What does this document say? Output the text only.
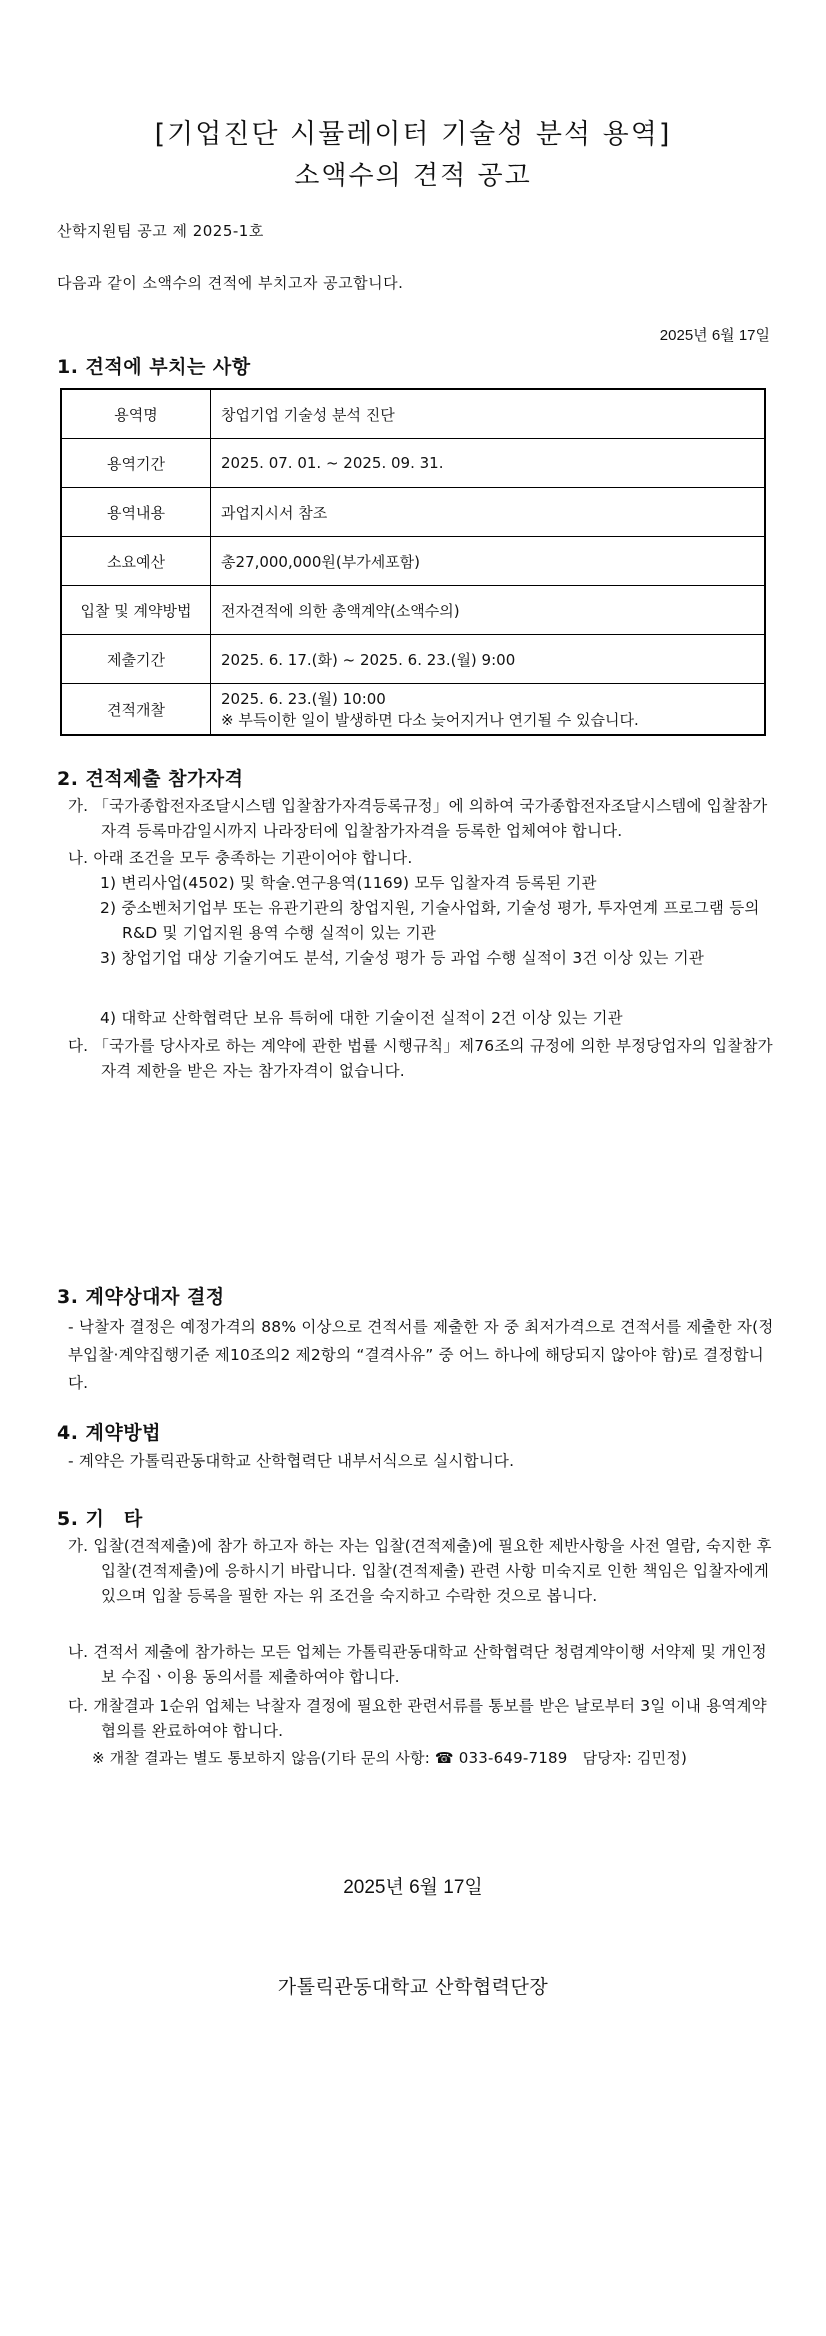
[기업진단 시뮬레이터 기술성 분석 용역]
소액수의 견적 공고
산학지원팀 공고 제 2025-1호
다음과 같이 소액수의 견적에 부치고자 공고합니다.
2025년 6월 17일
1. 견적에 부치는 사항
용역명	창업기업 기술성 분석 진단
용역기간	2025. 07. 01. ~ 2025. 09. 31.
용역내용	과업지시서 참조
소요예산	총27,000,000원(부가세포함)
입찰 및 계약방법	전자견적에 의한 총액계약(소액수의)
제출기간	2025. 6. 17.(화) ~ 2025. 6. 23.(월) 9:00
견적개찰	2025. 6. 23.(월) 10:00
※ 부득이한 일이 발생하면 다소 늦어지거나 연기될 수 있습니다.
2. 견적제출 참가자격
가. 「국가종합전자조달시스템 입찰참가자격등록규정」에 의하여 국가종합전자조달시스템에 입찰참가자격 등록마감일시까지 나라장터에 입찰참가자격을 등록한 업체여야 합니다.
나. 아래 조건을 모두 충족하는 기관이어야 합니다.
1) 변리사업(4502) 및 학술.연구용역(1169) 모두 입찰자격 등록된 기관
2) 중소벤처기업부 또는 유관기관의 창업지원, 기술사업화, 기술성 평가, 투자연계 프로그램 등의 R&D 및 기업지원 용역 수행 실적이 있는 기관
3) 창업기업 대상 기술기여도 분석, 기술성 평가 등 과업 수행 실적이 3건 이상 있는 기관
4) 대학교 산학협력단 보유 특허에 대한 기술이전 실적이 2건 이상 있는 기관
다. 「국가를 당사자로 하는 계약에 관한 법률 시행규칙」제76조의 규정에 의한 부정당업자의 입찰참가자격 제한을 받은 자는 참가자격이 없습니다.
3. 계약상대자 결정
- 낙찰자 결정은 예정가격의 88% 이상으로 견적서를 제출한 자 중 최저가격으로 견적서를 제출한 자(정부입찰·계약집행기준 제10조의2 제2항의 “결격사유” 중 어느 하나에 해당되지 않아야 함)로 결정합니다.
4. 계약방법
- 계약은 가톨릭관동대학교 산학협력단 내부서식으로 실시합니다.
5. 기　타
가. 입찰(견적제출)에 참가 하고자 하는 자는 입찰(견적제출)에 필요한 제반사항을 사전 열람, 숙지한 후 입찰(견적제출)에 응하시기 바랍니다. 입찰(견적제출) 관련 사항 미숙지로 인한 책임은 입찰자에게 있으며 입찰 등록을 필한 자는 위 조건을 숙지하고 수락한 것으로 봅니다.
나. 견적서 제출에 참가하는 모든 업체는 가톨릭관동대학교 산학협력단 청렴계약이행 서약제 및 개인정보 수집ㆍ이용 동의서를 제출하여야 합니다.
다. 개찰결과 1순위 업체는 낙찰자 결정에 필요한 관련서류를 통보를 받은 날로부터 3일 이내 용역계약 협의를 완료하여야 합니다.
※ 개찰 결과는 별도 통보하지 않음(기타 문의 사항: ☎ 033-649-7189　담당자: 김민정)
2025년 6월 17일
가톨릭관동대학교 산학협력단장
